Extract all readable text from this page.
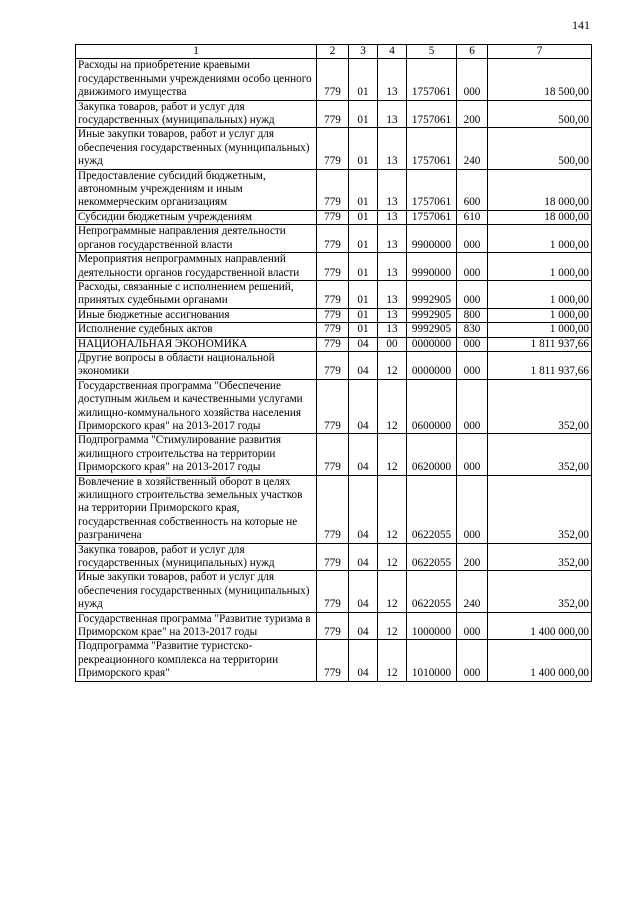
141
1	2	3	4	5	6	7
Расходы на приобретение краевыми государственными учреждениями особо ценного движимого имущества	779	01	13	1757061	000	18 500,00
Закупка товаров, работ и услуг для государственных (муниципальных) нужд	779	01	13	1757061	200	500,00
Иные закупки товаров, работ и услуг для обеспечения государственных (муниципальных) нужд	779	01	13	1757061	240	500,00
Предоставление субсидий бюджетным, автономным учреждениям и иным некоммерческим организациям	779	01	13	1757061	600	18 000,00
Субсидии бюджетным учреждениям	779	01	13	1757061	610	18 000,00
Непрограммные направления деятельности органов государственной власти	779	01	13	9900000	000	1 000,00
Мероприятия непрограммных направлений деятельности органов государственной власти	779	01	13	9990000	000	1 000,00
Расходы, связанные с исполнением решений, принятых судебными органами	779	01	13	9992905	000	1 000,00
Иные бюджетные ассигнования	779	01	13	9992905	800	1 000,00
Исполнение судебных актов	779	01	13	9992905	830	1 000,00
НАЦИОНАЛЬНАЯ ЭКОНОМИКА	779	04	00	0000000	000	1 811 937,66
Другие вопросы в области национальной экономики	779	04	12	0000000	000	1 811 937,66
Государственная программа "Обеспечение доступным жильем и качественными услугами жилищно-коммунального хозяйства населения Приморского края" на 2013-2017 годы	779	04	12	0600000	000	352,00
Подпрограмма "Стимулирование развития жилищного строительства на территории Приморского края" на 2013-2017 годы	779	04	12	0620000	000	352,00
Вовлечение в хозяйственный оборот в целях жилищного строительства земельных участков на территории Приморского края, государственная собственность на которые не разграничена	779	04	12	0622055	000	352,00
Закупка товаров, работ и услуг для государственных (муниципальных) нужд	779	04	12	0622055	200	352,00
Иные закупки товаров, работ и услуг для обеспечения государственных (муниципальных) нужд	779	04	12	0622055	240	352,00
Государственная программа "Развитие туризма в Приморском крае" на 2013-2017 годы	779	04	12	1000000	000	1 400 000,00
Подпрограмма "Развитие туристско-рекреационного комплекса на территории Приморского края"	779	04	12	1010000	000	1 400 000,00
